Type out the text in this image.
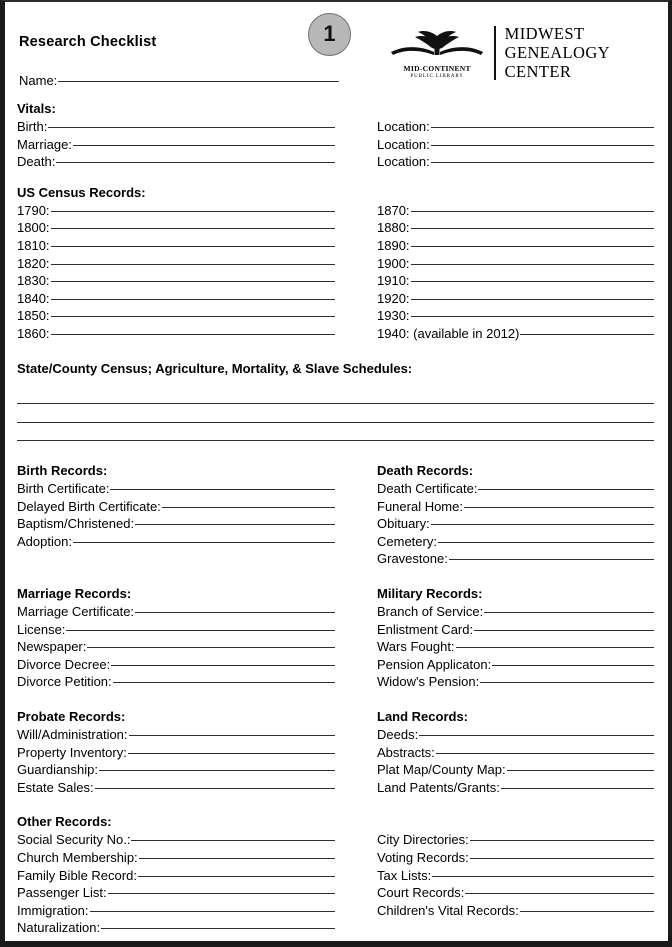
Research Checklist	1
MID-CONTINENT
PUBLIC LIBRARY
MIDWEST
GENEALOGY
CENTER
Name:
Vitals:
Birth:
Marriage:
Death:
Location:
Location:
Location:
US Census Records:
1790:
1800:
1810:
1820:
1830:
1840:
1850:
1860:
1870:
1880:
1890:
1900:
1910:
1920:
1930:
1940: (available in 2012)
State/County Census; Agriculture, Mortality, & Slave Schedules:
Birth Records:
Birth Certificate:
Delayed Birth Certificate:
Baptism/Christened:
Adoption:
Death Records:
Death Certificate:
Funeral Home:
Obituary:
Cemetery:
Gravestone:
Marriage Records:
Marriage Certificate:
License:
Newspaper:
Divorce Decree:
Divorce Petition:
Military Records:
Branch of Service:
Enlistment Card:
Wars Fought:
Pension Applicaton:
Widow's Pension:
Probate Records:
Will/Administration:
Property Inventory:
Guardianship:
Estate Sales:
Land Records:
Deeds:
Abstracts:
Plat Map/County Map:
Land Patents/Grants:
Other Records:
Social Security No.:
Church Membership:
Family Bible Record:
Passenger List:
Immigration:
Naturalization:
City Directories:
Voting Records:
Tax Lists:
Court Records:
Children's Vital Records:
